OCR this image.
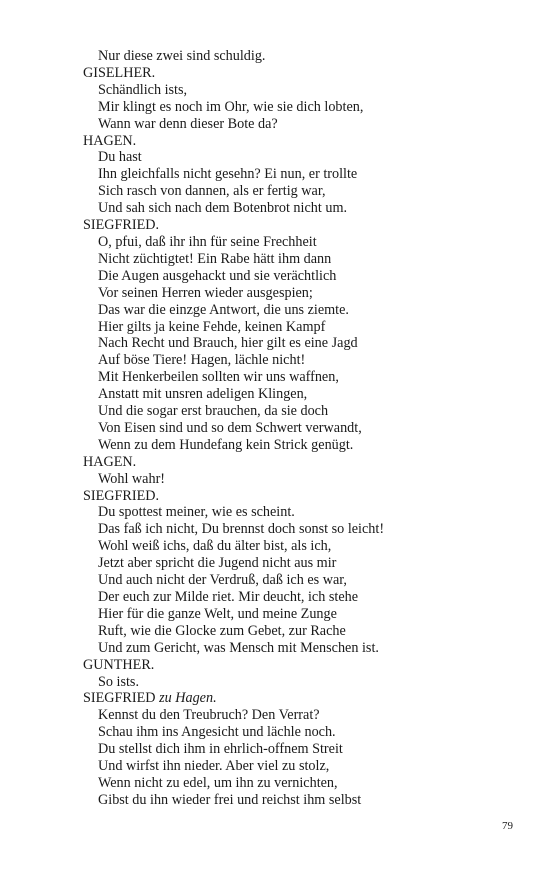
Nur diese zwei sind schuldig.
GISELHER.
Schändlich ists,
Mir klingt es noch im Ohr, wie sie dich lobten,
Wann war denn dieser Bote da?
HAGEN.
Du hast
Ihn gleichfalls nicht gesehn? Ei nun, er trollte
Sich rasch von dannen, als er fertig war,
Und sah sich nach dem Botenbrot nicht um.
SIEGFRIED.
O, pfui, daß ihr ihn für seine Frechheit
Nicht züchtigtet! Ein Rabe hätt ihm dann
Die Augen ausgehackt und sie verächtlich
Vor seinen Herren wieder ausgespien;
Das war die einzge Antwort, die uns ziemte.
Hier gilts ja keine Fehde, keinen Kampf
Nach Recht und Brauch, hier gilt es eine Jagd
Auf böse Tiere! Hagen, lächle nicht!
Mit Henkerbeilen sollten wir uns waffnen,
Anstatt mit unsren adeligen Klingen,
Und die sogar erst brauchen, da sie doch
Von Eisen sind und so dem Schwert verwandt,
Wenn zu dem Hundefang kein Strick genügt.
HAGEN.
Wohl wahr!
SIEGFRIED.
Du spottest meiner, wie es scheint.
Das faß ich nicht, Du brennst doch sonst so leicht!
Wohl weiß ichs, daß du älter bist, als ich,
Jetzt aber spricht die Jugend nicht aus mir
Und auch nicht der Verdruß, daß ich es war,
Der euch zur Milde riet. Mir deucht, ich stehe
Hier für die ganze Welt, und meine Zunge
Ruft, wie die Glocke zum Gebet, zur Rache
Und zum Gericht, was Mensch mit Menschen ist.
GUNTHER.
So ists.
SIEGFRIED zu Hagen.
Kennst du den Treubruch? Den Verrat?
Schau ihm ins Angesicht und lächle noch.
Du stellst dich ihm in ehrlich-offnem Streit
Und wirfst ihn nieder. Aber viel zu stolz,
Wenn nicht zu edel, um ihn zu vernichten,
Gibst du ihn wieder frei und reichst ihm selbst
79
